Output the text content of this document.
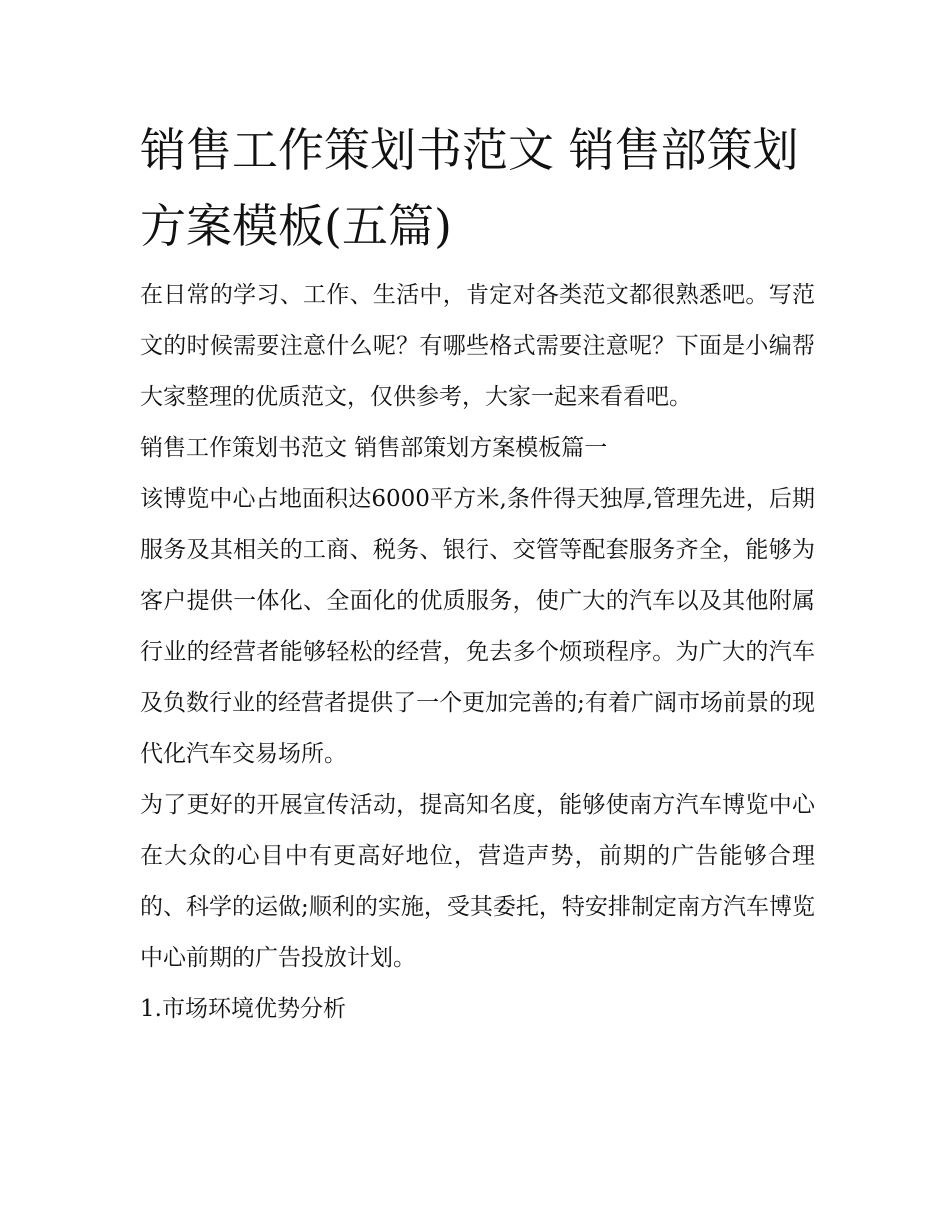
销售工作策划书范文 销售部策划方案模板(五篇)

在日常的学习、工作、生活中，肯定对各类范文都很熟悉吧。写范文的时候需要注意什么呢？有哪些格式需要注意呢？下面是小编帮大家整理的优质范文，仅供参考，大家一起来看看吧。

销售工作策划书范文 销售部策划方案模板篇一

该博览中心占地面积达6000平方米,条件得天独厚,管理先进，后期服务及其相关的工商、税务、银行、交管等配套服务齐全，能够为客户提供一体化、全面化的优质服务，使广大的汽车以及其他附属行业的经营者能够轻松的经营，免去多个烦琐程序。为广大的汽车及负数行业的经营者提供了一个更加完善的;有着广阔市场前景的现代化汽车交易场所。

为了更好的开展宣传活动，提高知名度，能够使南方汽车博览中心在大众的心目中有更高好地位，营造声势，前期的广告能够合理的、科学的运做;顺利的实施，受其委托，特安排制定南方汽车博览中心前期的广告投放计划。

1.市场环境优势分析
